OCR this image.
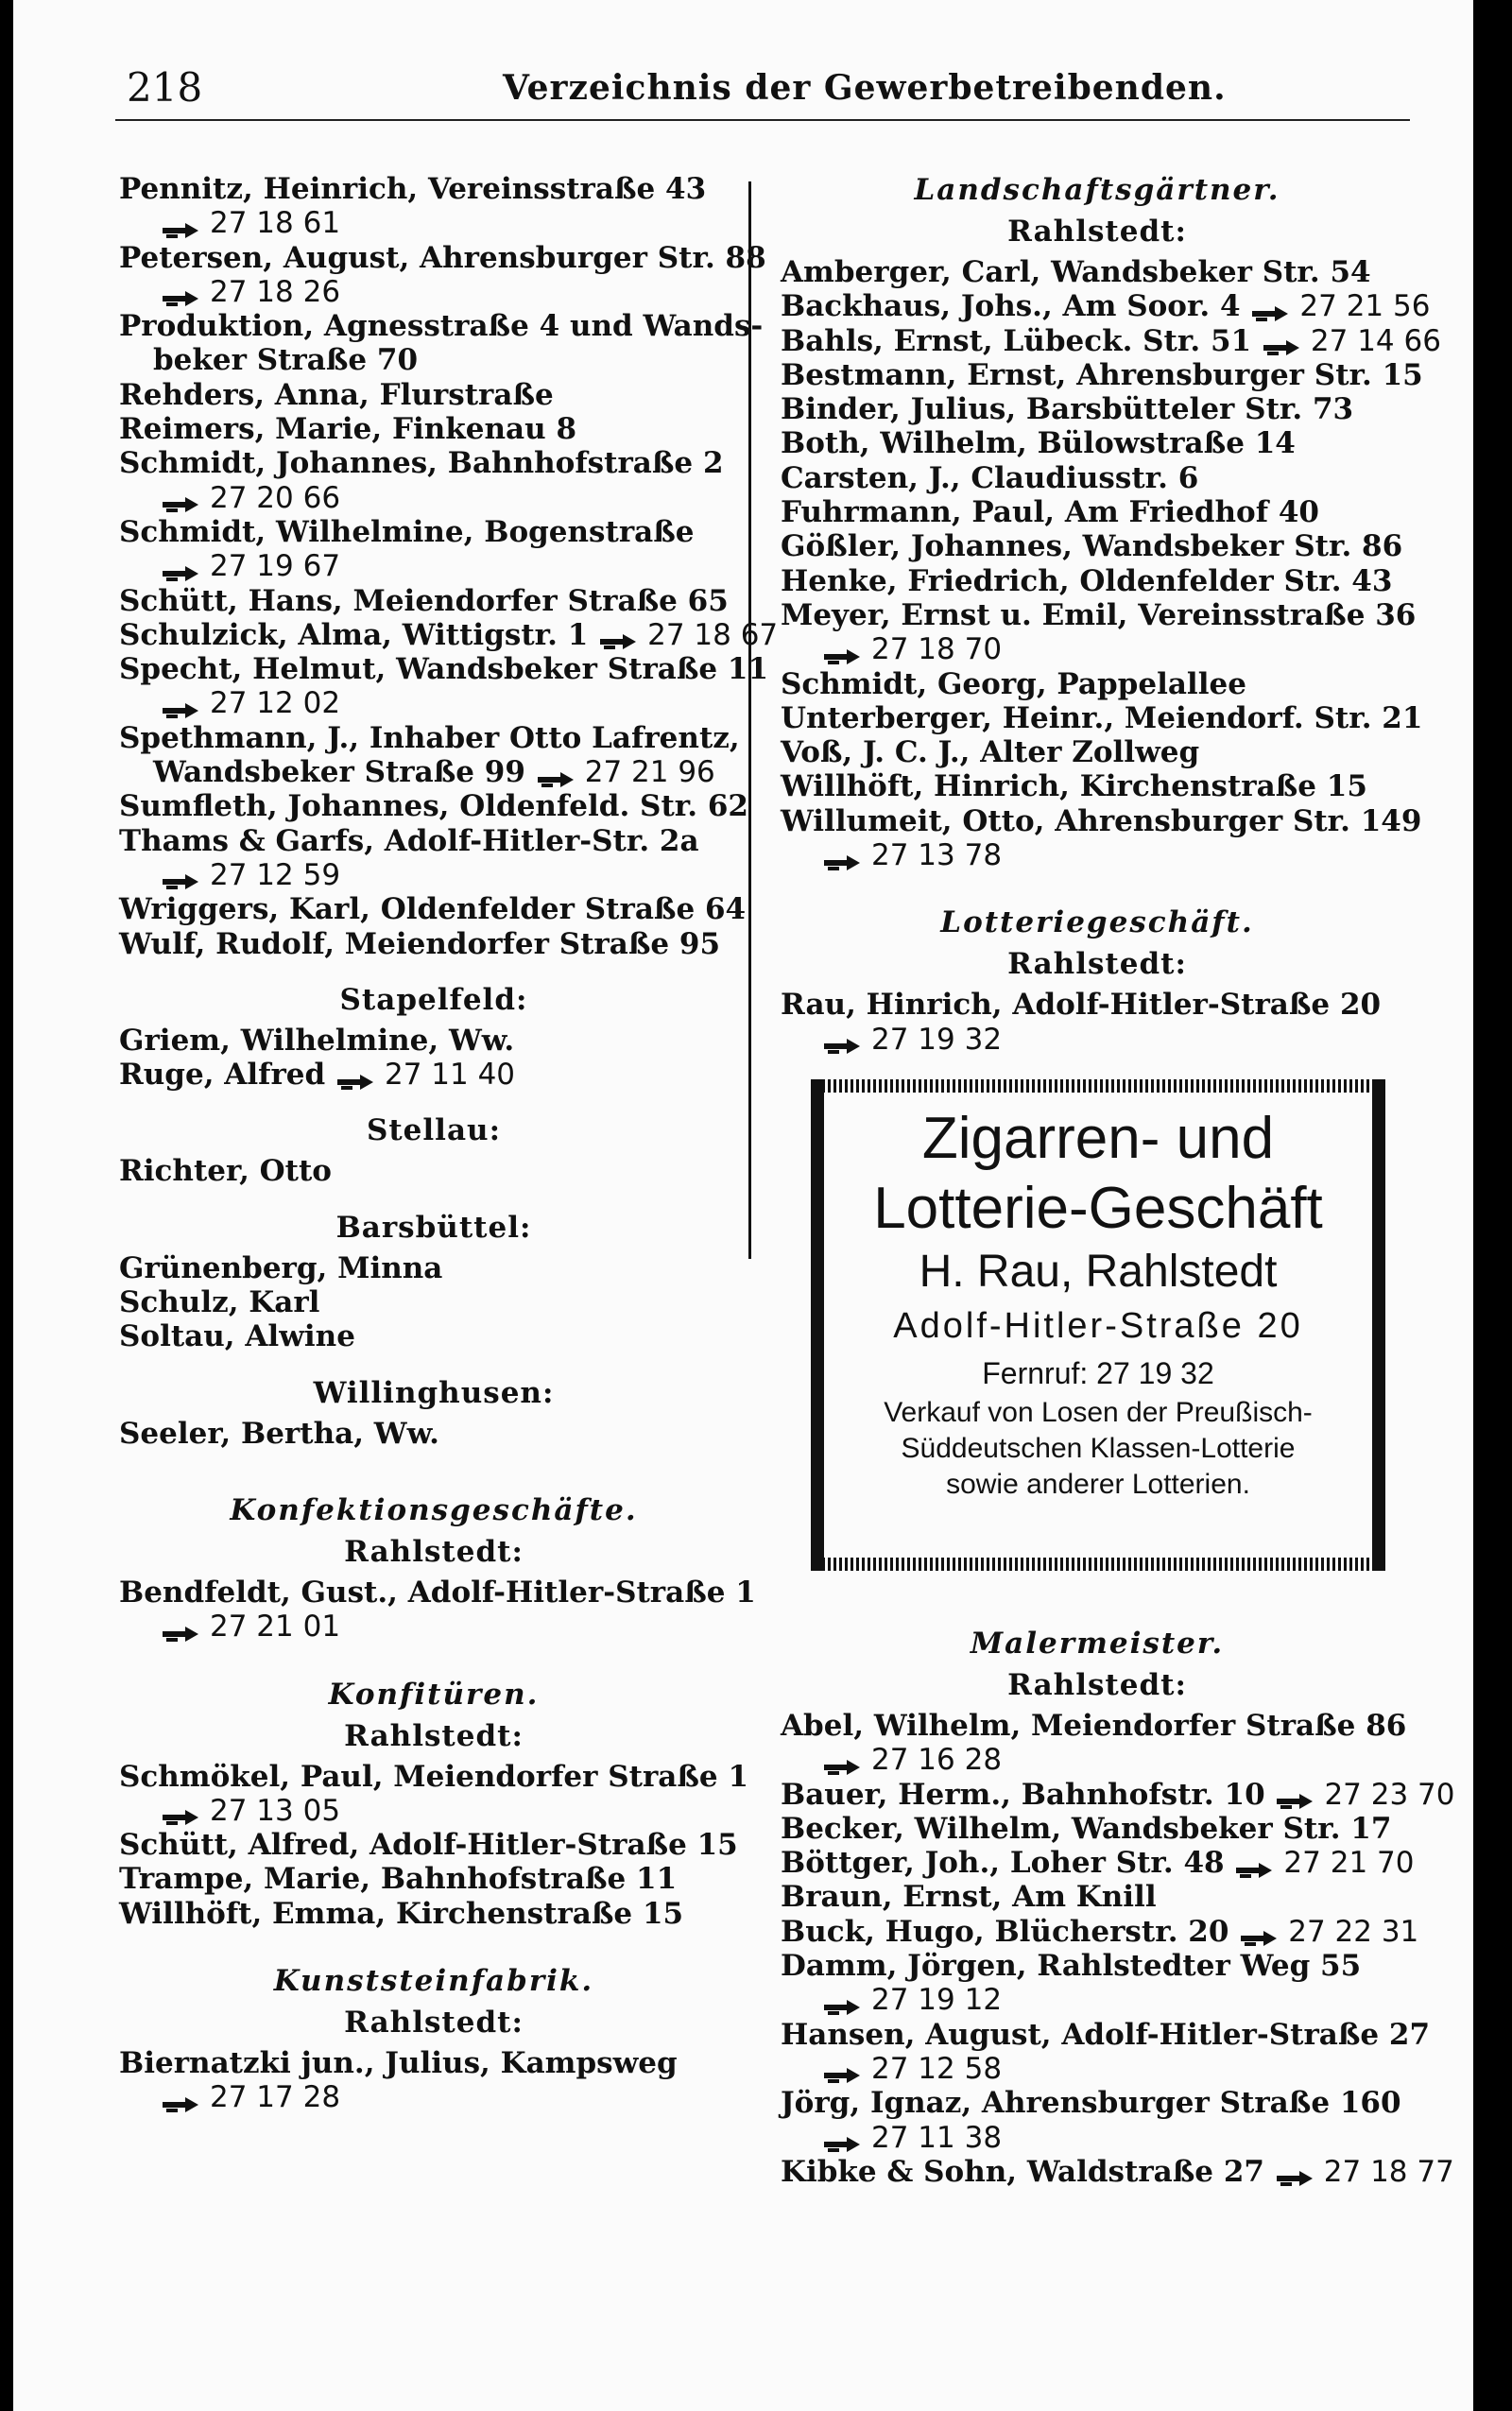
218	Verzeichnis der Gewerbetreibenden.
Pennitz, Heinrich, Vereinsstraße 43
27 18 61
Petersen, August, Ahrensburger Str. 88
27 18 26
Produktion, Agnesstraße 4 und Wands-
beker Straße 70
Rehders, Anna, Flurstraße
Reimers, Marie, Finkenau 8
Schmidt, Johannes, Bahnhofstraße 2
27 20 66
Schmidt, Wilhelmine, Bogenstraße
27 19 67
Schütt, Hans, Meiendorfer Straße 65
Schulzick, Alma, Wittigstr. 1 27 18 67
Specht, Helmut, Wandsbeker Straße 11
27 12 02
Spethmann, J., Inhaber Otto Lafrentz,
Wandsbeker Straße 99 27 21 96
Sumfleth, Johannes, Oldenfeld. Str. 62
Thams & Garfs, Adolf-Hitler-Str. 2a
27 12 59
Wriggers, Karl, Oldenfelder Straße 64
Wulf, Rudolf, Meiendorfer Straße 95
Stapelfeld:
Griem, Wilhelmine, Ww.
Ruge, Alfred 27 11 40
Stellau:
Richter, Otto
Barsbüttel:
Grünenberg, Minna
Schulz, Karl
Soltau, Alwine
Willinghusen:
Seeler, Bertha, Ww.
Konfektionsgeschäfte.
Rahlstedt:
Bendfeldt, Gust., Adolf-Hitler-Straße 1
27 21 01
Konfitüren.
Rahlstedt:
Schmökel, Paul, Meiendorfer Straße 1
27 13 05
Schütt, Alfred, Adolf-Hitler-Straße 15
Trampe, Marie, Bahnhofstraße 11
Willhöft, Emma, Kirchenstraße 15
Kunststeinfabrik.
Rahlstedt:
Biernatzki jun., Julius, Kampsweg
27 17 28
Landschaftsgärtner.
Rahlstedt:
Amberger, Carl, Wandsbeker Str. 54
Backhaus, Johs., Am Soor. 4 27 21 56
Bahls, Ernst, Lübeck. Str. 51 27 14 66
Bestmann, Ernst, Ahrensburger Str. 15
Binder, Julius, Barsbütteler Str. 73
Both, Wilhelm, Bülowstraße 14
Carsten, J., Claudiusstr. 6
Fuhrmann, Paul, Am Friedhof 40
Gößler, Johannes, Wandsbeker Str. 86
Henke, Friedrich, Oldenfelder Str. 43
Meyer, Ernst u. Emil, Vereinsstraße 36
27 18 70
Schmidt, Georg, Pappelallee
Unterberger, Heinr., Meiendorf. Str. 21
Voß, J. C. J., Alter Zollweg
Willhöft, Hinrich, Kirchenstraße 15
Willumeit, Otto, Ahrensburger Str. 149
27 13 78
Lotteriegeschäft.
Rahlstedt:
Rau, Hinrich, Adolf-Hitler-Straße 20
27 19 32
Zigarren- und
Lotterie-Geschäft
H. Rau, Rahlstedt
Adolf-Hitler-Straße 20
Fernruf: 27 19 32
Verkauf von Losen der Preußisch-
Süddeutschen Klassen-Lotterie
sowie anderer Lotterien.
Malermeister.
Rahlstedt:
Abel, Wilhelm, Meiendorfer Straße 86
27 16 28
Bauer, Herm., Bahnhofstr. 10 27 23 70
Becker, Wilhelm, Wandsbeker Str. 17
Böttger, Joh., Loher Str. 48 27 21 70
Braun, Ernst, Am Knill
Buck, Hugo, Blücherstr. 20 27 22 31
Damm, Jörgen, Rahlstedter Weg 55
27 19 12
Hansen, August, Adolf-Hitler-Straße 27
27 12 58
Jörg, Ignaz, Ahrensburger Straße 160
27 11 38
Kibke & Sohn, Waldstraße 27 27 18 77
